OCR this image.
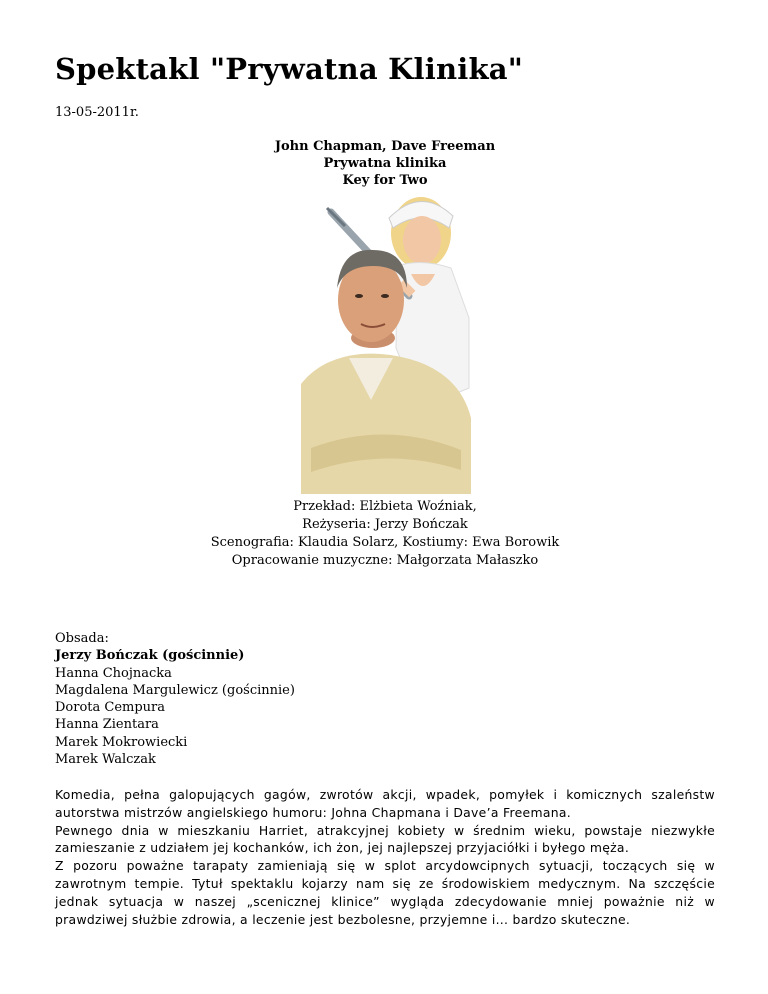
Spektakl "Prywatna Klinika"
13-05-2011r.
John Chapman, Dave Freeman
Prywatna klinika
Key for Two
Przekład: Elżbieta Woźniak,
Reżyseria: Jerzy Bończak
Scenografia: Klaudia Solarz, Kostiumy: Ewa Borowik
Opracowanie muzyczne: Małgorzata Małaszko
Obsada:
Jerzy Bończak (gościnnie)
Hanna Chojnacka
Magdalena Margulewicz (gościnnie)
Dorota Cempura
Hanna Zientara
Marek Mokrowiecki
Marek Walczak

Komedia, pełna galopujących gagów, zwrotów akcji, wpadek, pomyłek i komicznych szaleństw autorstwa mistrzów angielskiego humoru: Johna Chapmana i Dave’a Freemana.

Pewnego dnia w mieszkaniu Harriet, atrakcyjnej kobiety w średnim wieku, powstaje niezwykłe zamieszanie z udziałem jej kochanków, ich żon, jej najlepszej przyjaciółki i byłego męża.

Z pozoru poważne tarapaty zamieniają się w splot arcydowcipnych sytuacji, toczących się w zawrotnym tempie. Tytuł spektaklu kojarzy nam się ze środowiskiem medycznym. Na szczęście jednak sytuacja w naszej „scenicznej klinice” wygląda zdecydowanie mniej poważnie niż w prawdziwej służbie zdrowia, a leczenie jest bezbolesne, przyjemne i... bardzo skuteczne.
